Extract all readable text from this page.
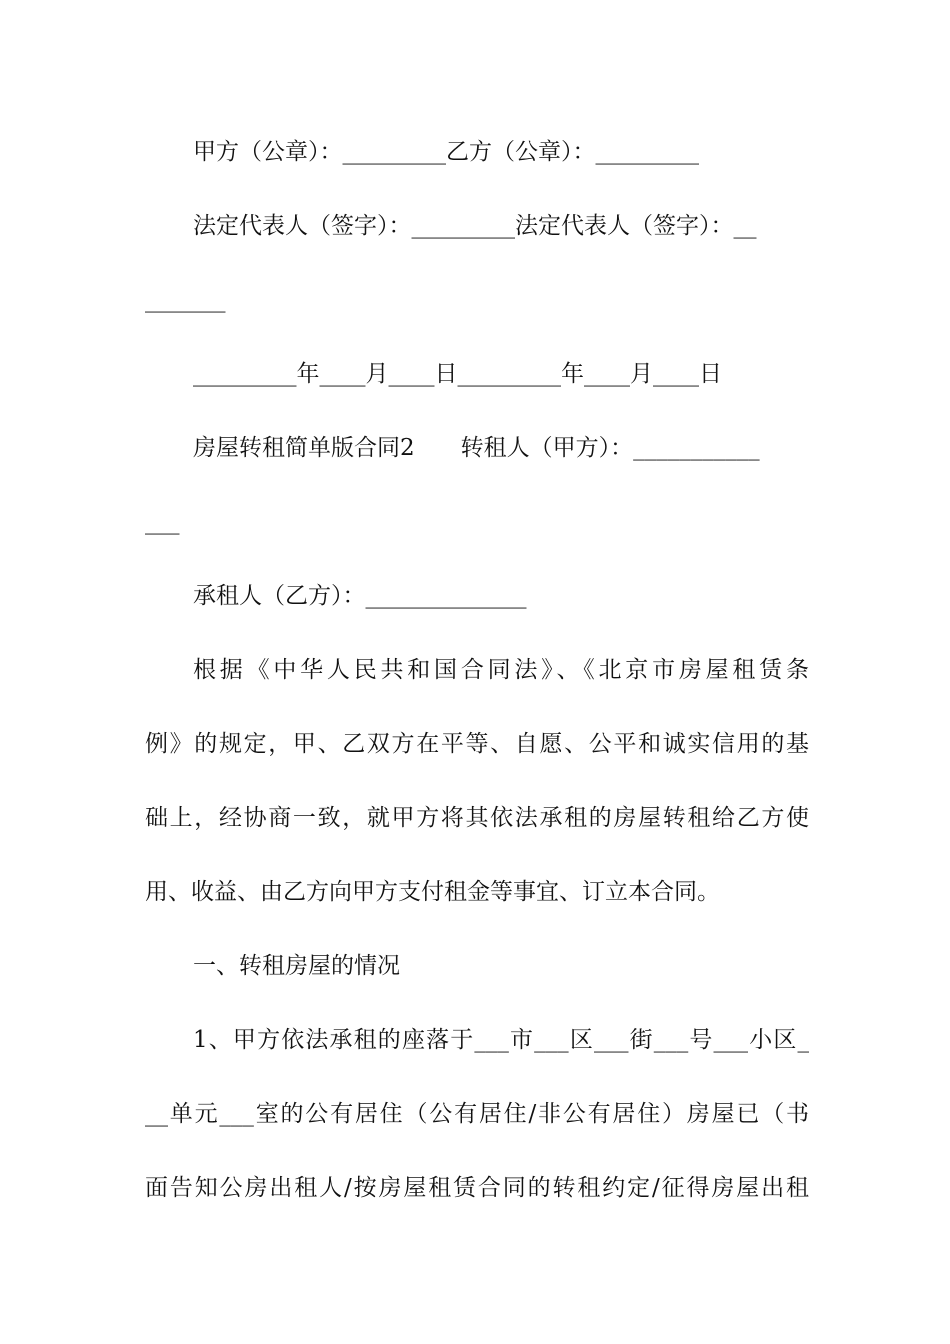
甲方（公章）：_________乙方（公章）：_________
法定代表人（签字）：_________法定代表人（签字）：__
_______
_________年____月____日_________年____月____日
房屋转租简单版合同2　　转租人（甲方）：___________
___
承租人（乙方）：______________
根据《中华人民共和国合同法》、《北京市房屋租赁条
例》的规定，甲、乙双方在平等、自愿、公平和诚实信用的基
础上，经协商一致，就甲方将其依法承租的房屋转租给乙方使
用、收益、由乙方向甲方支付租金等事宜、订立本合同。
一、转租房屋的情况
1、甲方依法承租的座落于___市___区___街___号___小区_
__单元___室的公有居住（公有居住/非公有居住）房屋已（书
面告知公房出租人/按房屋租赁合同的转租约定/征得房屋出租
